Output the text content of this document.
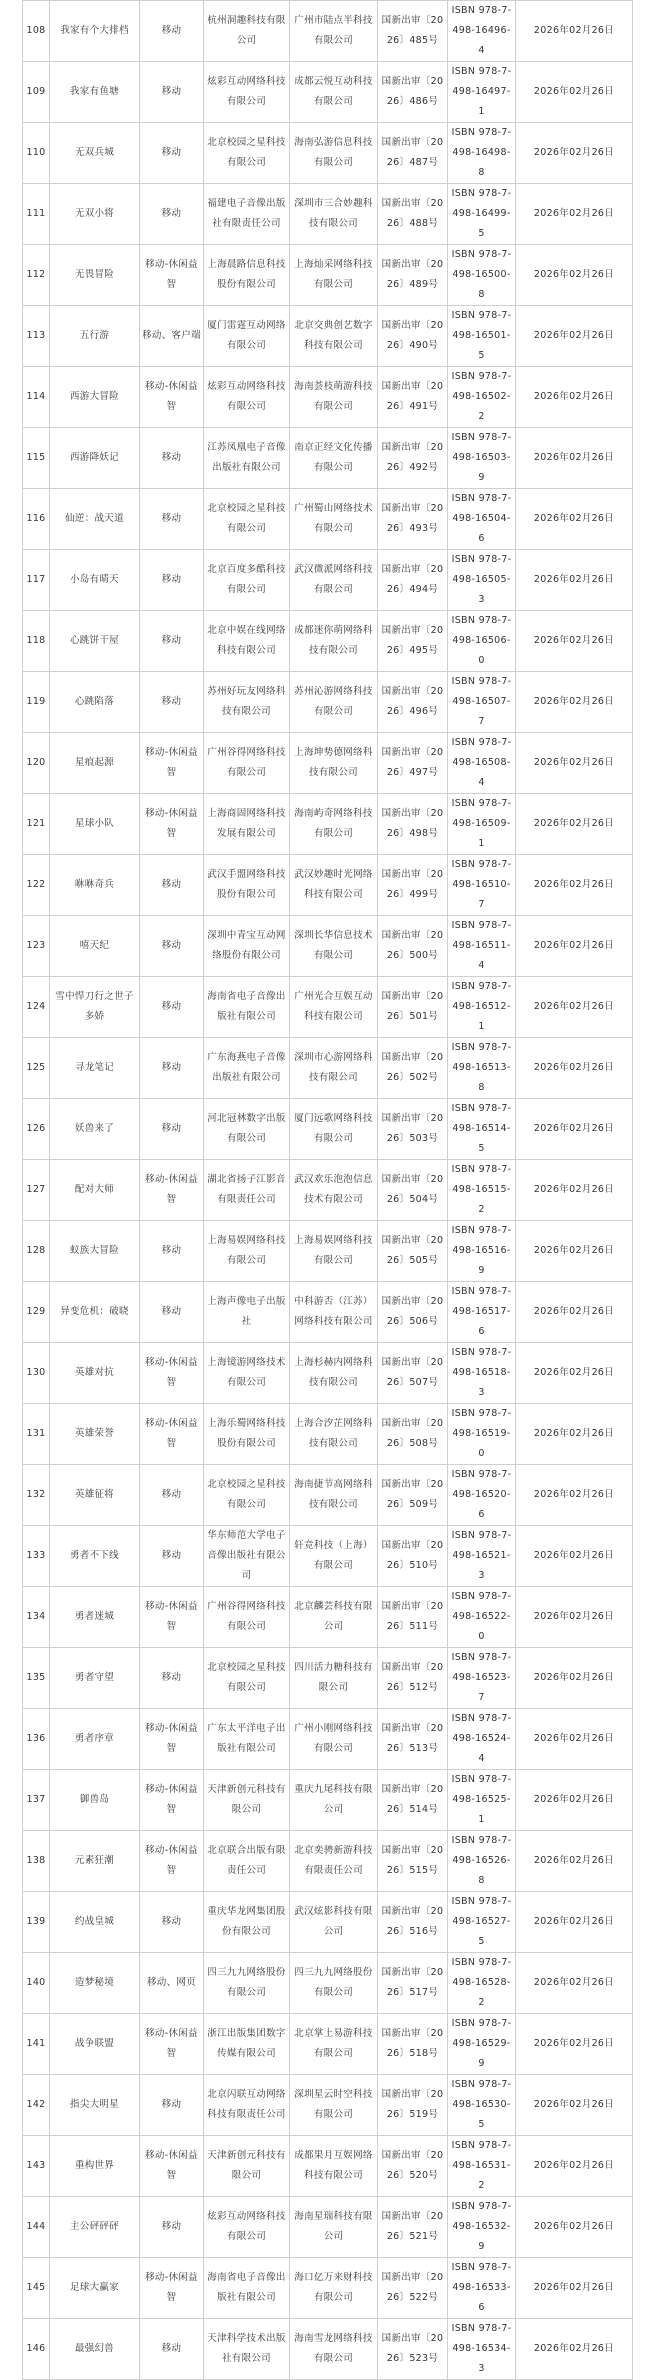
108	我家有个大排档	移动	杭州洞趣科技有限公司	广州市陆点半科技有限公司	国新出审〔2026〕485号	ISBN 978-7-498-16496-4	2026年02月26日
109	我家有鱼塘	移动	炫彩互动网络科技有限公司	成都云悦互动科技有限公司	国新出审〔2026〕486号	ISBN 978-7-498-16497-1	2026年02月26日
110	无双兵城	移动	北京校园之星科技有限公司	海南弘游信息科技有限公司	国新出审〔2026〕487号	ISBN 978-7-498-16498-8	2026年02月26日
111	无双小将	移动	福建电子音像出版社有限责任公司	深圳市三合妙趣科技有限公司	国新出审〔2026〕488号	ISBN 978-7-498-16499-5	2026年02月26日
112	无畏冒险	移动-休闲益智	上海晨路信息科技股份有限公司	上海灿采网络科技有限公司	国新出审〔2026〕489号	ISBN 978-7-498-16500-8	2026年02月26日
113	五行游	移动、客户端	厦门雷霆互动网络有限公司	北京交典创艺数字科技有限公司	国新出审〔2026〕490号	ISBN 978-7-498-16501-5	2026年02月26日
114	西游大冒险	移动-休闲益智	炫彩互动网络科技有限公司	海南荟枝萌游科技有限公司	国新出审〔2026〕491号	ISBN 978-7-498-16502-2	2026年02月26日
115	西游降妖记	移动	江苏凤凰电子音像出版社有限公司	南京正经文化传播有限公司	国新出审〔2026〕492号	ISBN 978-7-498-16503-9	2026年02月26日
116	仙逆：战天道	移动	北京校园之星科技有限公司	广州蜀山网络技术有限公司	国新出审〔2026〕493号	ISBN 978-7-498-16504-6	2026年02月26日
117	小岛有晴天	移动	北京百度多酷科技有限公司	武汉微派网络科技有限公司	国新出审〔2026〕494号	ISBN 978-7-498-16505-3	2026年02月26日
118	心跳饼干屋	移动	北京中娱在线网络科技有限公司	成都迷你萌网络科技有限公司	国新出审〔2026〕495号	ISBN 978-7-498-16506-0	2026年02月26日
119	心跳陷落	移动	苏州好玩友网络科技有限公司	苏州沁游网络科技有限公司	国新出审〔2026〕496号	ISBN 978-7-498-16507-7	2026年02月26日
120	星痕起源	移动-休闲益智	广州谷得网络科技有限公司	上海坤势德网络科技有限公司	国新出审〔2026〕497号	ISBN 978-7-498-16508-4	2026年02月26日
121	星球小队	移动-休闲益智	上海商固网络科技发展有限公司	海南屿奇网络科技有限公司	国新出审〔2026〕498号	ISBN 978-7-498-16509-1	2026年02月26日
122	咻咻奇兵	移动	武汉手盟网络科技股份有限公司	武汉妙趣时光网络科技有限公司	国新出审〔2026〕499号	ISBN 978-7-498-16510-7	2026年02月26日
123	嘻天纪	移动	深圳中青宝互动网络股份有限公司	深圳长华信息技术有限公司	国新出审〔2026〕500号	ISBN 978-7-498-16511-4	2026年02月26日
124	雪中悍刀行之世子多娇	移动	海南省电子音像出版社有限公司	广州光合互娱互动科技有限公司	国新出审〔2026〕501号	ISBN 978-7-498-16512-1	2026年02月26日
125	寻龙笔记	移动	广东海燕电子音像出版社有限公司	深圳市心游网络科技有限公司	国新出审〔2026〕502号	ISBN 978-7-498-16513-8	2026年02月26日
126	妖兽来了	移动	河北冠林数字出版有限公司	厦门远歌网络科技有限公司	国新出审〔2026〕503号	ISBN 978-7-498-16514-5	2026年02月26日
127	配对大师	移动-休闲益智	湖北省扬子江影音有限责任公司	武汉欢乐泡泡信息技术有限公司	国新出审〔2026〕504号	ISBN 978-7-498-16515-2	2026年02月26日
128	蚁族大冒险	移动	上海易娱网络科技有限公司	上海易娱网络科技有限公司	国新出审〔2026〕505号	ISBN 978-7-498-16516-9	2026年02月26日
129	异变危机：破晓	移动	上海声像电子出版社	中科游否（江苏）网络科技有限公司	国新出审〔2026〕506号	ISBN 978-7-498-16517-6	2026年02月26日
130	英雄对抗	移动-休闲益智	上海镜游网络技术有限公司	上海杉赫内网络科技有限公司	国新出审〔2026〕507号	ISBN 978-7-498-16518-3	2026年02月26日
131	英雄荣誉	移动-休闲益智	上海乐蜀网络科技股份有限公司	上海合汐芷网络科技有限公司	国新出审〔2026〕508号	ISBN 978-7-498-16519-0	2026年02月26日
132	英雄征将	移动	北京校园之星科技有限公司	海南捷节高网络科技有限公司	国新出审〔2026〕509号	ISBN 978-7-498-16520-6	2026年02月26日
133	勇者不下线	移动	华东师范大学电子音像出版社有限公司	轩竞科技（上海）有限公司	国新出审〔2026〕510号	ISBN 978-7-498-16521-3	2026年02月26日
134	勇者迷城	移动-休闲益智	广州谷得网络科技有限公司	北京麟芸科技有限公司	国新出审〔2026〕511号	ISBN 978-7-498-16522-0	2026年02月26日
135	勇者守望	移动	北京校园之星科技有限公司	四川活力糖科技有限公司	国新出审〔2026〕512号	ISBN 978-7-498-16523-7	2026年02月26日
136	勇者序章	移动-休闲益智	广东太平洋电子出版社有限公司	广州小刚网络科技有限公司	国新出审〔2026〕513号	ISBN 978-7-498-16524-4	2026年02月26日
137	御兽岛	移动-休闲益智	天津新创元科技有限公司	重庆九尾科技有限公司	国新出审〔2026〕514号	ISBN 978-7-498-16525-1	2026年02月26日
138	元素狂潮	移动-休闲益智	北京联合出版有限责任公司	北京奕骋新游科技有限责任公司	国新出审〔2026〕515号	ISBN 978-7-498-16526-8	2026年02月26日
139	约战皇城	移动	重庆华龙网集团股份有限公司	武汉炫影科技有限公司	国新出审〔2026〕516号	ISBN 978-7-498-16527-5	2026年02月26日
140	造梦秘境	移动、网页	四三九九网络股份有限公司	四三九九网络股份有限公司	国新出审〔2026〕517号	ISBN 978-7-498-16528-2	2026年02月26日
141	战争联盟	移动-休闲益智	浙江出版集团数字传媒有限公司	北京掌上易游科技有限公司	国新出审〔2026〕518号	ISBN 978-7-498-16529-9	2026年02月26日
142	指尖大明星	移动	北京闪联互动网络科技有限责任公司	深圳星云时空科技有限公司	国新出审〔2026〕519号	ISBN 978-7-498-16530-5	2026年02月26日
143	重构世界	移动-休闲益智	天津新创元科技有限公司	成都果月互娱网络科技有限公司	国新出审〔2026〕520号	ISBN 978-7-498-16531-2	2026年02月26日
144	主公砰砰砰	移动	炫彩互动网络科技有限公司	海南星瑞科技有限公司	国新出审〔2026〕521号	ISBN 978-7-498-16532-9	2026年02月26日
145	足球大赢家	移动-休闲益智	海南省电子音像出版社有限公司	海口亿万来财科技有限公司	国新出审〔2026〕522号	ISBN 978-7-498-16533-6	2026年02月26日
146	最强幻兽	移动	天津科学技术出版社有限公司	海南雪龙网络科技有限公司	国新出审〔2026〕523号	ISBN 978-7-498-16534-3	2026年02月26日
